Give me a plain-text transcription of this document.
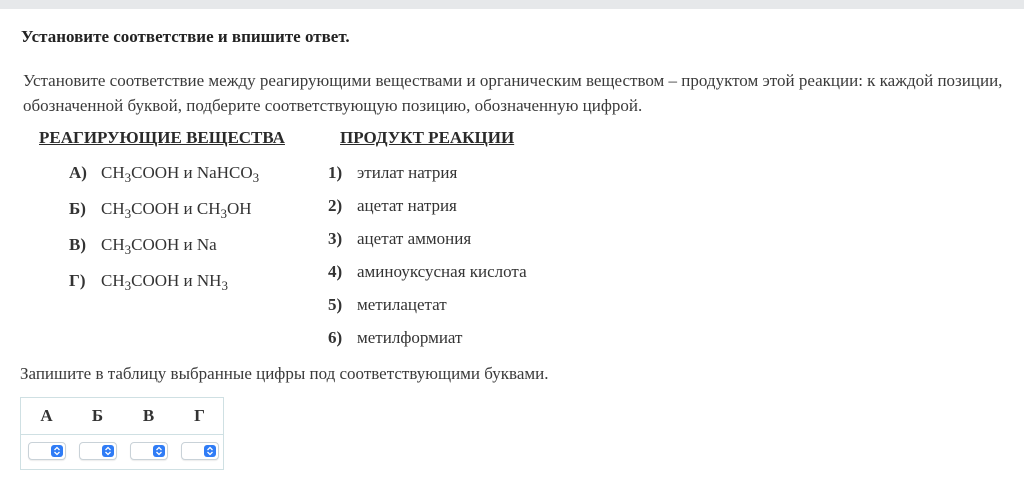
Установите соответствие и впишите ответ.
Установите соответствие между реагирующими веществами и органическим веществом – продуктом этой реакции: к каждой позиции, обозначенной буквой, подберите соответствующую позицию, обозначенную цифрой.
РЕАГИРУЮЩИЕ ВЕЩЕСТВА	ПРОДУКТ РЕАКЦИИ
А) $CH_3COOH$ и NaHCO$_3$
Б) $CH_3COOH$ и $CH_3OH$
В) $CH_3COOH$ и Na
Г) $CH_3COOH$ и $NH_3$
1) этилат натрия
2) ацетат натрия
3) ацетат аммония
4) аминоуксусная кислота
5) метилацетат
6) метилформиат
Запишите в таблицу выбранные цифры под соответствующими буквами.
А	Б	В	Г
